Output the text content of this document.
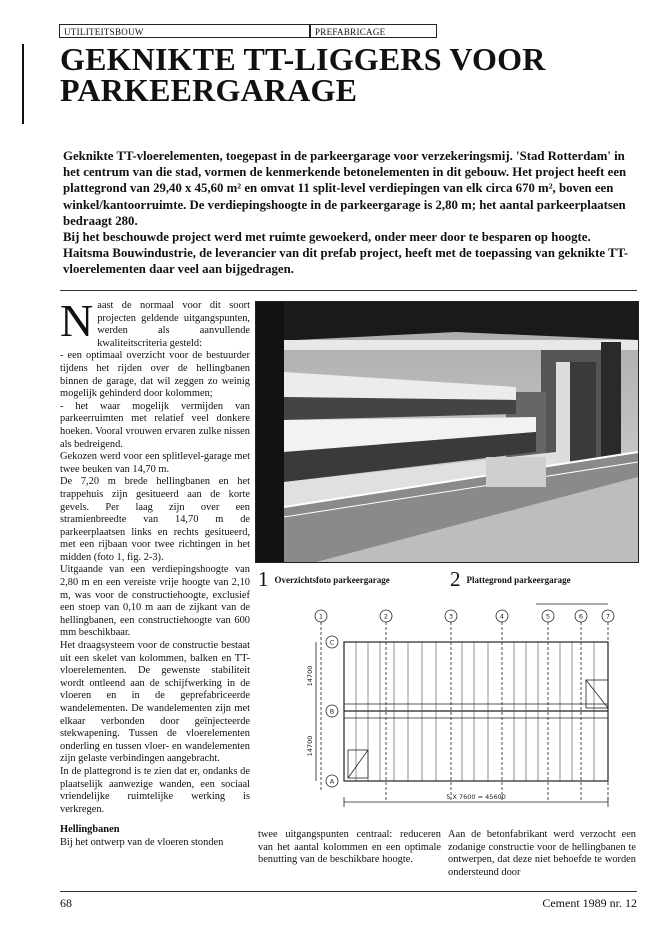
UTILITEITSBOUW	PREFABRICAGE
GEKNIKTE TT-LIGGERS VOOR
PARKEERGARAGE

Geknikte TT-vloerelementen, toegepast in de parkeergarage voor verzekeringsmij. 'Stad Rotterdam' in het centrum van die stad, vormen de kenmerkende betonelementen in dit gebouw. Het project heeft een plattegrond van 29,40 x 45,60 m² en omvat 11 split-level verdiepingen van elk circa 670 m², boven een winkel/kantoorruimte. De verdiepingshoogte in de parkeergarage is 2,80 m; het aantal parkeerplaatsen bedraagt 280.

Bij het beschouwde project werd met ruimte gewoekerd, onder meer door te besparen op hoogte. Haitsma Bouwindustrie, de leverancier van dit prefab project, heeft met de toepassing van geknikte TT-vloerelementen daar veel aan bijgedragen.

Naast de normaal voor dit soort projecten geldende uitgangspunten, werden als aanvullende kwaliteitscriteria gesteld:

- een optimaal overzicht voor de bestuurder tijdens het rijden over de hellingbanen binnen de garage, dat wil zeggen zo weinig mogelijk gehinderd door kolommen;

- het waar mogelijk vermijden van parkeerruimten met relatief veel donkere hoeken. Vooral vrouwen ervaren zulke nissen als bedreigend.

Gekozen werd voor een splitlevel-garage met twee beuken van 14,70 m.

De 7,20 m brede hellingbanen en het trappehuis zijn gesitueerd aan de korte gevels. Per laag zijn over een stramienbreedte van 14,70 m de parkeerplaatsen links en rechts gesitueerd, met een rijbaan voor twee richtingen in het midden (foto 1, fig. 2-3).

Uitgaande van een verdiepingshoogte van 2,80 m en een vereiste vrije hoogte van 2,10 m, was voor de constructiehoogte, exclusief een stoep van 0,10 m aan de zijkant van de hellingbanen, een constructiehoogte van 600 mm beschikbaar.

Het draagsysteem voor de constructie bestaat uit een skelet van kolommen, balken en TT-vloerelementen. De gewenste stabiliteit wordt ontleend aan de schijfwerking in de vloeren en in de geprefabriceerde wandelementen. De wandelementen zijn met elkaar verbonden door geïnjecteerde stekwapening. Tussen de vloerelementen onderling en tussen vloer- en wandelementen zijn gelaste verbindingen aangebracht.

In de plattegrond is te zien dat er, ondanks de plaatselijk aanwezige wanden, een sociaal vriendelijke ruimtelijke werking is verkregen.

Hellingbanen

Bij het ontwerp van de vloeren stonden

1 Overzichtsfoto parkeergarage	2 Plattegrond parkeergarage
1	2	3	4	5	6	7
C
B
A
5 X 7600 = 45600
14700
14700
twee uitgangspunten centraal: reduceren van het aantal kolommen en een optimale benutting van de beschikbare hoogte.
Aan de betonfabrikant werd verzocht een zodanige constructie voor de hellingbanen te ontwerpen, dat deze niet behoefde te worden ondersteund door
68	Cement 1989 nr. 12
